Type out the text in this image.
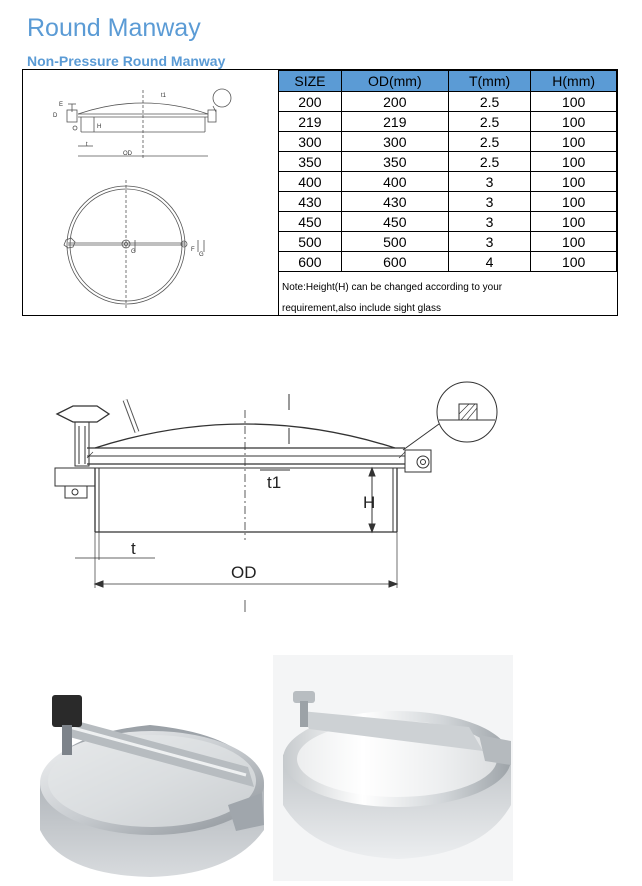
Round Manway
Non-Pressure Round Manway
t1
E
D
H
t
OD
G	F
G
SIZE	OD(mm)	T(mm)	H(mm)
200	200	2.5	100
219	219	2.5	100
300	300	2.5	100
350	350	2.5	100
400	400	3	100
430	430	3	100
450	450	3	100
500	500	3	100
600	600	4	100
Note:Height(H) can be changed according to your
requirement,also include sight glass
t1
H
t
OD
